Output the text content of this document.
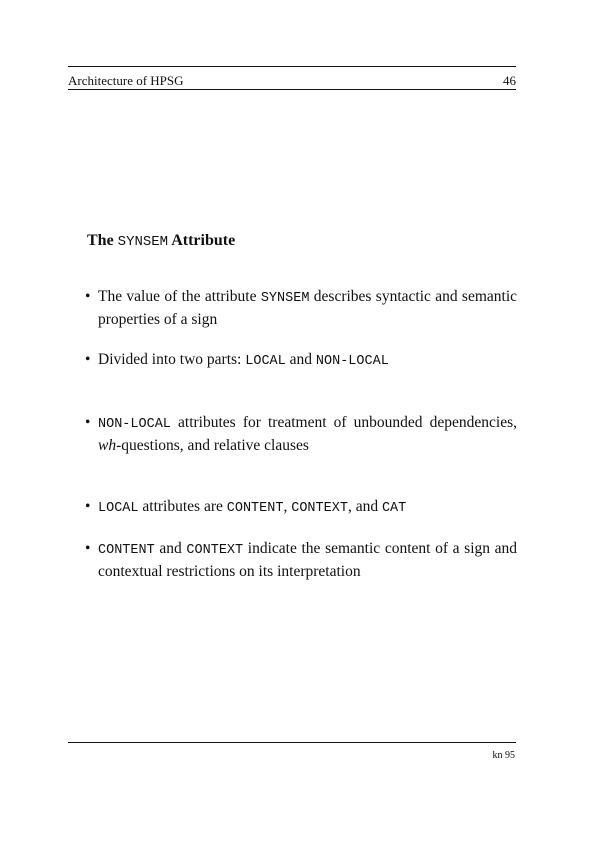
Architecture of HPSG	46
The SYNSEM Attribute
• The value of the attribute SYNSEM describes syntactic and semantic properties of a sign
• Divided into two parts: LOCAL and NON-LOCAL
• NON-LOCAL attributes for treatment of unbounded dependencies, wh-questions, and relative clauses
• LOCAL attributes are CONTENT, CONTEXT, and CAT
• CONTENT and CONTEXT indicate the semantic content of a sign and contextual restrictions on its interpretation
kn 95
